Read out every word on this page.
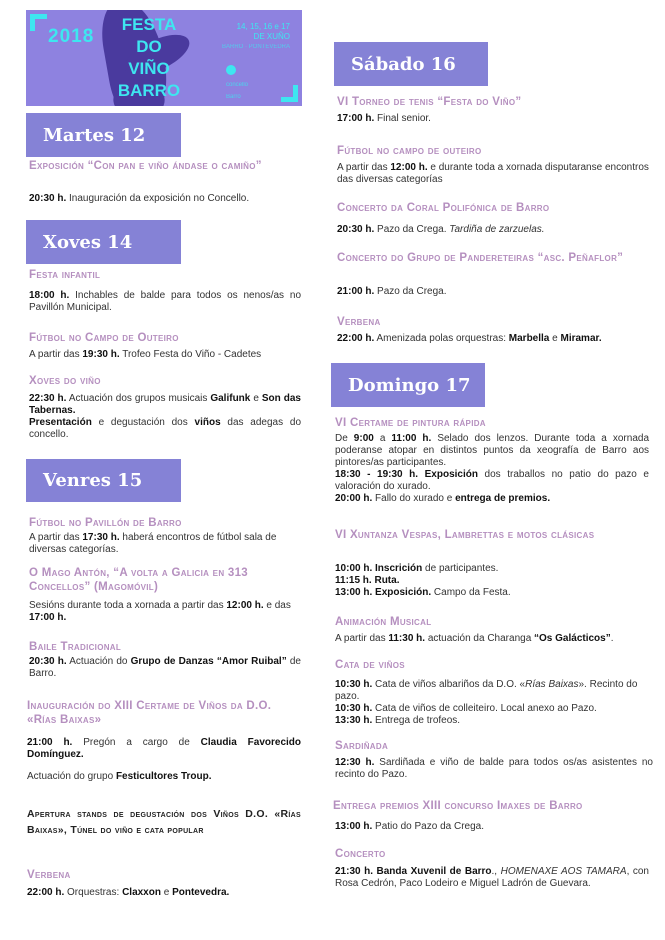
2018
FESTA
DO
VIÑO
BARRO
14, 15, 16 e 17
DE XUÑO
BARRO · PONTEVEDRA
concello
Barro
Martes 12
Exposición “Con pan e viño ándase o camiño”
20:30 h. Inauguración da exposición no Concello.
Xoves 14
Festa infantil
18:00 h. Inchables de balde para todos os nenos/as no Pavillón Municipal.
Fútbol no Campo de Outeiro
A partir das 19:30 h. Trofeo Festa do Viño - Cadetes
Xoves do viño
22:30 h. Actuación dos grupos musicais Galifunk e Son das Tabernas.
Presentación e degustación dos viños das adegas do concello.
Venres 15
Fútbol no Pavillón de Barro
A partir das 17:30 h. haberá encontros de fútbol sala de diversas categorías.
O Mago Antón, “A volta a Galicia en 313 Concellos” (Magomóvil)
Sesións durante toda a xornada a partir das 12:00 h. e das 17:00 h.
Baile Tradicional
20:30 h. Actuación do Grupo de Danzas “Amor Ruibal” de Barro.
Inauguración do XIII Certame de Viños da D.O. «Rías Baixas»
21:00 h. Pregón a cargo de Claudia Favorecido Domínguez.
Actuación do grupo Festicultores Troup.
Apertura stands de degustación dos Viños D.O. «Rías Baixas», Túnel do viño e cata popular
Verbena
22:00 h. Orquestras: Claxxon e Pontevedra.
Sábado 16
VI Torneo de tenis “Festa do Viño”
17:00 h. Final senior.
Fútbol no campo de outeiro
A partir das 12:00 h. e durante toda a xornada disputaranse encontros das diversas categorías
Concerto da Coral Polifónica de Barro
20:30 h. Pazo da Crega. Tardiña de zarzuelas.
Concerto do Grupo de Pandereteiras “asc. Peñaflor”
21:00 h. Pazo da Crega.
Verbena
22:00 h. Amenizada polas orquestras: Marbella e Miramar.
Domingo 17
VI Certame de pintura rápida
De 9:00 a 11:00 h. Selado dos lenzos. Durante toda a xornada poderanse atopar en distintos puntos da xeografía de Barro aos pintores/as participantes.
18:30 - 19:30 h. Exposición dos traballos no patio do pazo e valoración do xurado.
20:00 h. Fallo do xurado e entrega de premios.
VI Xuntanza Vespas, Lambrettas e motos clásicas
10:00 h. Inscrición de participantes.
11:15 h. Ruta.
13:00 h. Exposición. Campo da Festa.
Animación Musical
A partir das 11:30 h. actuación da Charanga “Os Galácticos”.
Cata de viños
10:30 h. Cata de viños albariños da D.O. «Rías Baixas». Recinto do pazo.
10:30 h. Cata de viños de colleiteiro. Local anexo ao Pazo.
13:30 h. Entrega de trofeos.
Sardiñada
12:30 h. Sardiñada e viño de balde para todos os/as asistentes no recinto do Pazo.
Entrega premios XIII concurso Imaxes de Barro
13:00 h. Patio do Pazo da Crega.
Concerto
21:30 h. Banda Xuvenil de Barro., HOMENAXE AOS TAMARA, con Rosa Cedrón, Paco Lodeiro e Miguel Ladrón de Guevara.
